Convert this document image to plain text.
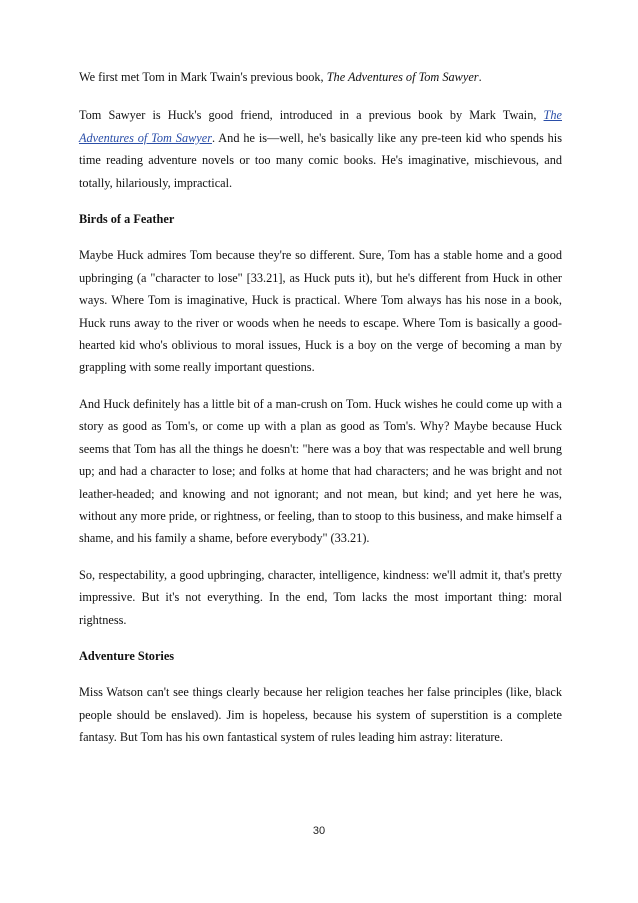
We first met Tom in Mark Twain's previous book, The Adventures of Tom Sawyer.

Tom Sawyer is Huck's good friend, introduced in a previous book by Mark Twain, The Adventures of Tom Sawyer. And he is—well, he's basically like any pre-teen kid who spends his time reading adventure novels or too many comic books. He's imaginative, mischievous, and totally, hilariously, impractical.

Birds of a Feather

Maybe Huck admires Tom because they're so different. Sure, Tom has a stable home and a good upbringing (a "character to lose" [33.21], as Huck puts it), but he's different from Huck in other ways. Where Tom is imaginative, Huck is practical. Where Tom always has his nose in a book, Huck runs away to the river or woods when he needs to escape. Where Tom is basically a good-hearted kid who's oblivious to moral issues, Huck is a boy on the verge of becoming a man by grappling with some really important questions.

And Huck definitely has a little bit of a man-crush on Tom. Huck wishes he could come up with a story as good as Tom's, or come up with a plan as good as Tom's. Why? Maybe because Huck seems that Tom has all the things he doesn't: "here was a boy that was respectable and well brung up; and had a character to lose; and folks at home that had characters; and he was bright and not leather-headed; and knowing and not ignorant; and not mean, but kind; and yet here he was, without any more pride, or rightness, or feeling, than to stoop to this business, and make himself a shame, and his family a shame, before everybody" (33.21).

So, respectability, a good upbringing, character, intelligence, kindness: we'll admit it, that's pretty impressive. But it's not everything. In the end, Tom lacks the most important thing: moral rightness.

Adventure Stories

Miss Watson can't see things clearly because her religion teaches her false principles (like, black people should be enslaved). Jim is hopeless, because his system of superstition is a complete fantasy. But Tom has his own fantastical system of rules leading him astray: literature.

30
